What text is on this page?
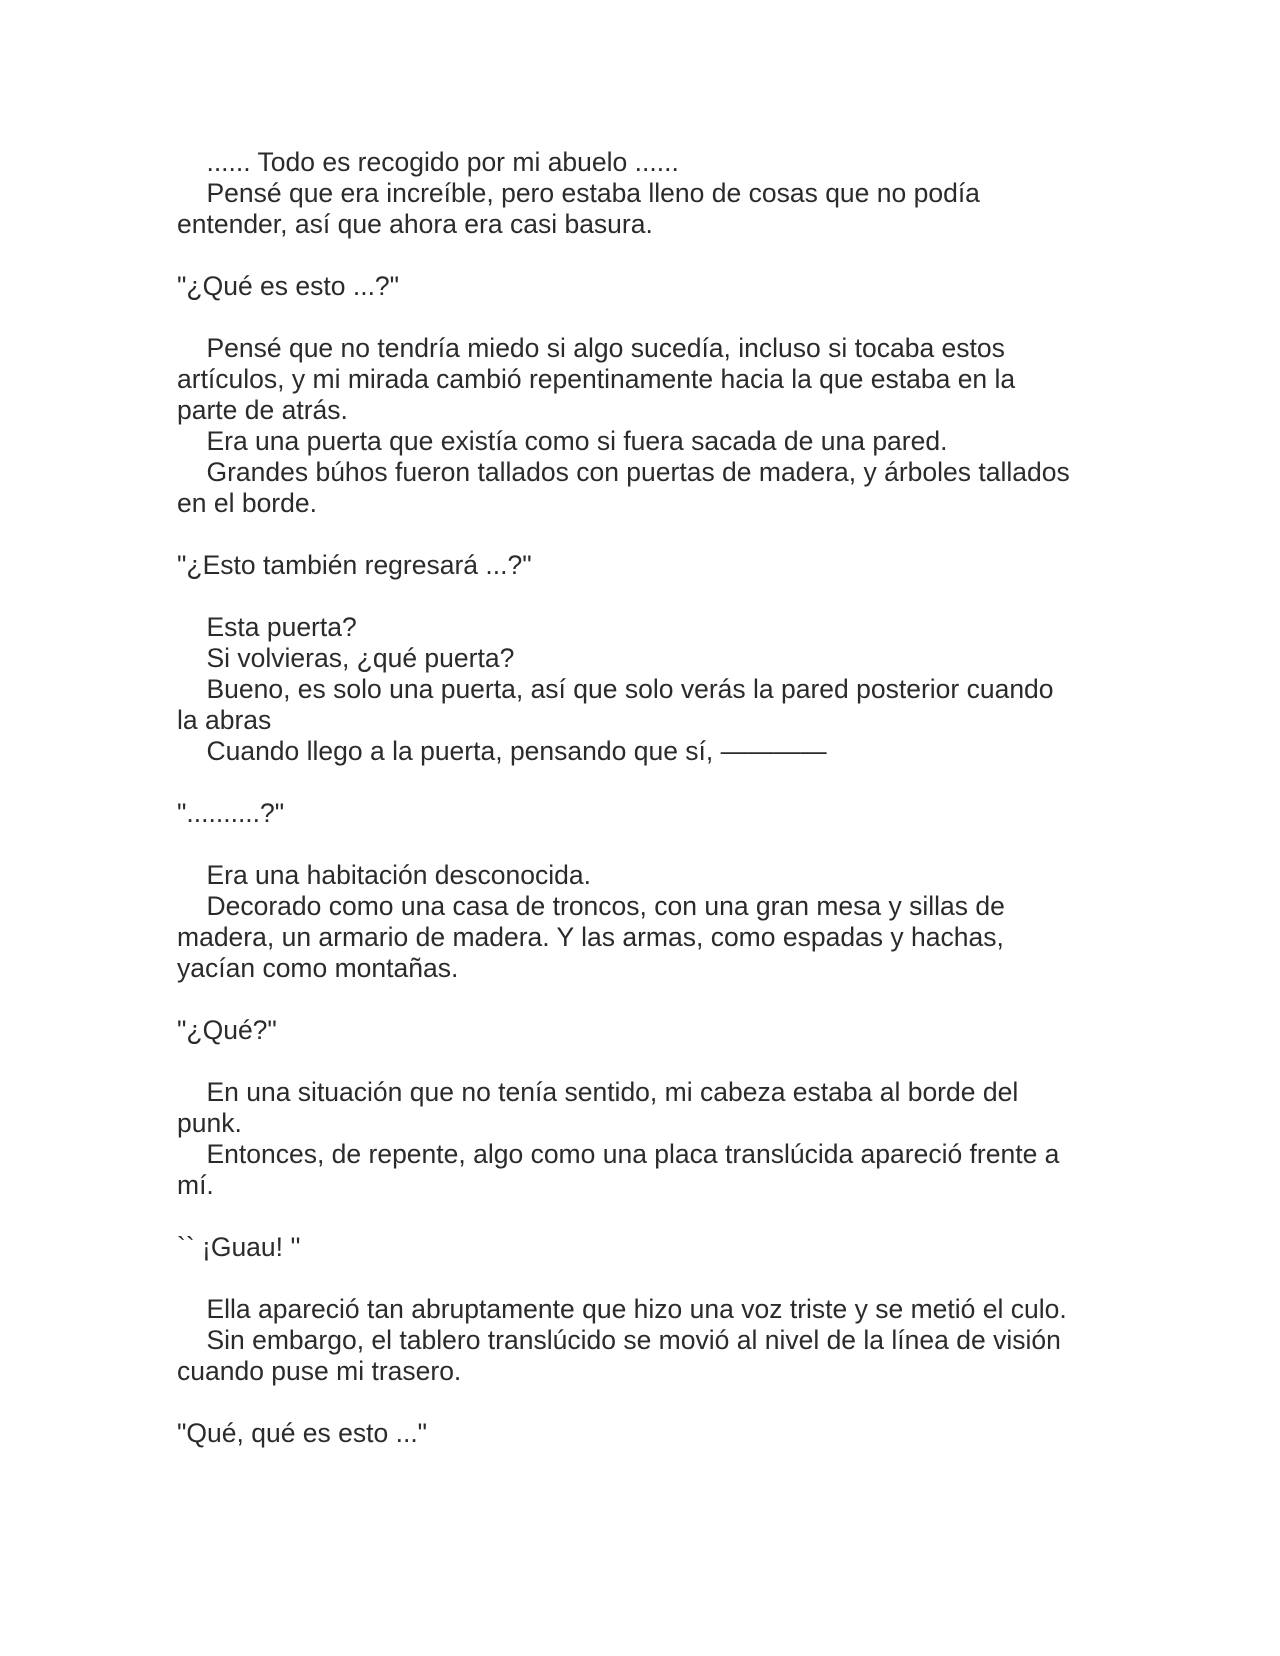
...... Todo es recogido por mi abuelo ......
Pensé que era increíble, pero estaba lleno de cosas que no podía
entender, así que ahora era casi basura.
"¿Qué es esto ...?"
Pensé que no tendría miedo si algo sucedía, incluso si tocaba estos
artículos, y mi mirada cambió repentinamente hacia la que estaba en la
parte de atrás.
Era una puerta que existía como si fuera sacada de una pared.
Grandes búhos fueron tallados con puertas de madera, y árboles tallados
en el borde.
"¿Esto también regresará ...?"
Esta puerta?
Si volvieras, ¿qué puerta?
Bueno, es solo una puerta, así que solo verás la pared posterior cuando
la abras
Cuando llego a la puerta, pensando que sí, ————
"..........?"
Era una habitación desconocida.
Decorado como una casa de troncos, con una gran mesa y sillas de
madera, un armario de madera. Y las armas, como espadas y hachas,
yacían como montañas.
"¿Qué?"
En una situación que no tenía sentido, mi cabeza estaba al borde del
punk.
Entonces, de repente, algo como una placa translúcida apareció frente a
mí.
`` ¡Guau! ''
Ella apareció tan abruptamente que hizo una voz triste y se metió el culo.
Sin embargo, el tablero translúcido se movió al nivel de la línea de visión
cuando puse mi trasero.
"Qué, qué es esto ..."
